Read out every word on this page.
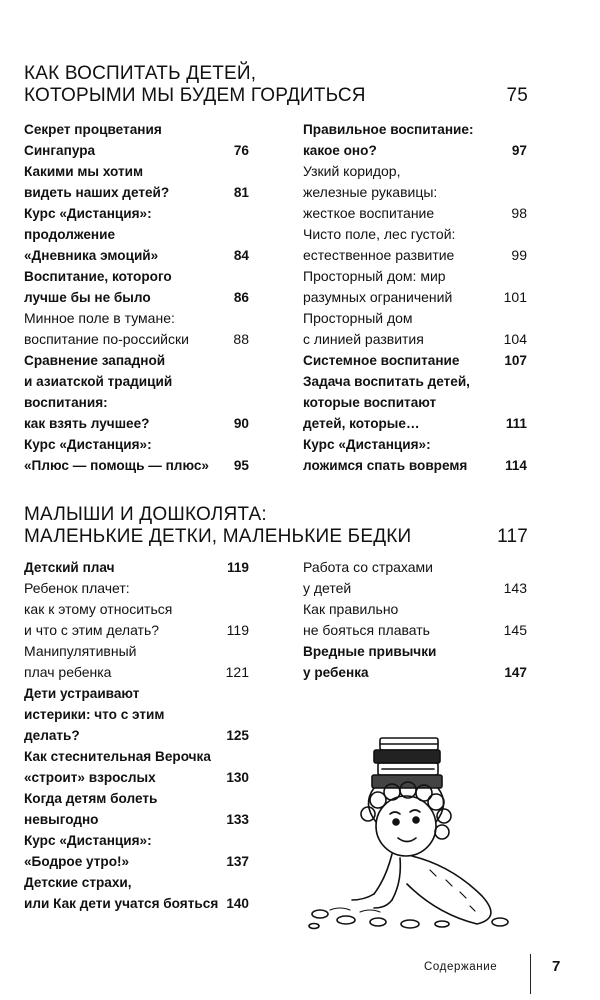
КАК ВОСПИТАТЬ ДЕТЕЙ,
КОТОРЫМИ МЫ БУДЕМ ГОРДИТЬСЯ	75
Секрет процветания
Сингапура	76
Какими мы хотим
видеть наших детей?	81
Курс «Дистанция»:
продолжение
«Дневника эмоций»	84
Воспитание, которого
лучше бы не было	86
Минное поле в тумане:
воспитание по-российски	88
Сравнение западной
и азиатской традиций
воспитания:
как взять лучшее?	90
Курс «Дистанция»:
«Плюс — помощь — плюс» 95
Правильное воспитание:
какое оно?	97
Узкий коридор,
железные рукавицы:
жесткое воспитание	98
Чисто поле, лес густой:
естественное развитие	99
Просторный дом: мир
разумных ограничений	101
Просторный дом
с линией развития	104
Системное воспитание	107
Задача воспитать детей,
которые воспитают
детей, которые…	111
Курс «Дистанция»:
ложимся спать вовремя	114
МАЛЫШИ И ДОШКОЛЯТА:
МАЛЕНЬКИЕ ДЕТКИ, МАЛЕНЬКИЕ БЕДКИ	117
Детский плач	119
Ребенок плачет:
как к этому относиться
и что с этим делать?	119
Манипулятивный
плач ребенка	121
Дети устраивают
истерики: что с этим
делать?	125
Как стеснительная Верочка
«строит» взрослых	130
Когда детям болеть
невыгодно	133
Курс «Дистанция»:
«Бодрое утро!»	137
Детские страхи,
или Как дети учатся бояться 140
Работа со страхами
у детей	143
Как правильно
не бояться плавать	145
Вредные привычки
у ребенка	147
Содержание	7
